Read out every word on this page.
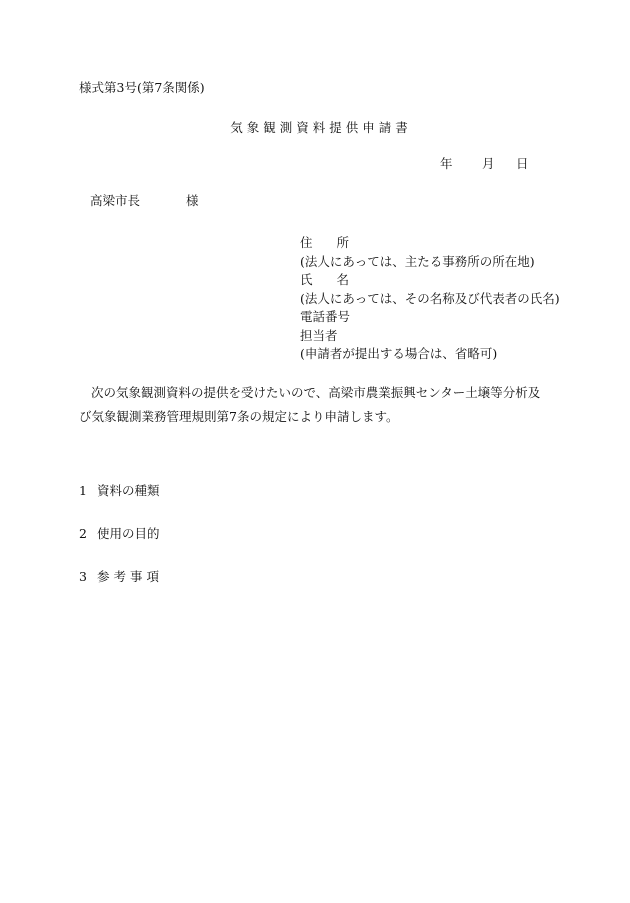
様式第3号(第7条関係)
気象観測資料提供申請書
年 月 日
高梁市長	様
住 所
(法人にあっては、主たる事務所の所在地)
氏 名
(法人にあっては、その名称及び代表者の氏名)
電話番号
担当者
(申請者が提出する場合は、省略可)
次の気象観測資料の提供を受けたいので、高梁市農業振興センター土壌等分析及び気象観測業務管理規則第7条の規定により申請します。
1 資料の種類
2 使用の目的
3 参考事項
